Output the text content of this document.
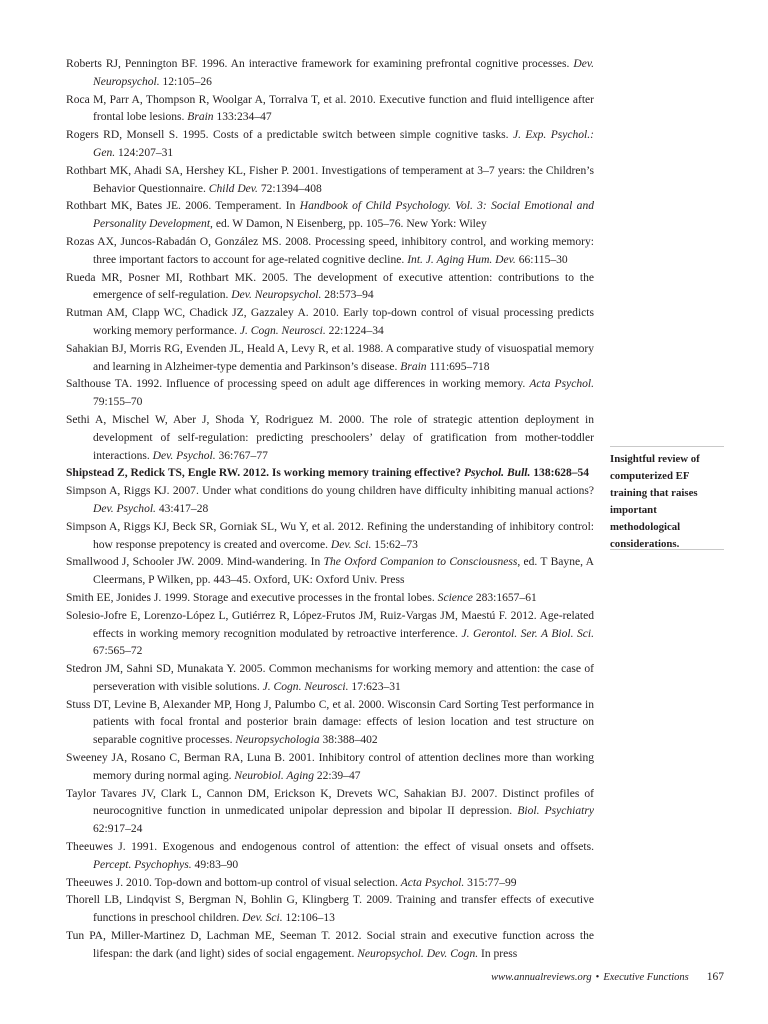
Roberts RJ, Pennington BF. 1996. An interactive framework for examining prefrontal cognitive processes. Dev. Neuropsychol. 12:105–26

Roca M, Parr A, Thompson R, Woolgar A, Torralva T, et al. 2010. Executive function and fluid intelligence after frontal lobe lesions. Brain 133:234–47

Rogers RD, Monsell S. 1995. Costs of a predictable switch between simple cognitive tasks. J. Exp. Psychol.: Gen. 124:207–31

Rothbart MK, Ahadi SA, Hershey KL, Fisher P. 2001. Investigations of temperament at 3–7 years: the Children’s Behavior Questionnaire. Child Dev. 72:1394–408

Rothbart MK, Bates JE. 2006. Temperament. In Handbook of Child Psychology. Vol. 3: Social Emotional and Personality Development, ed. W Damon, N Eisenberg, pp. 105–76. New York: Wiley

Rozas AX, Juncos-Rabadán O, González MS. 2008. Processing speed, inhibitory control, and working memory: three important factors to account for age-related cognitive decline. Int. J. Aging Hum. Dev. 66:115–30

Rueda MR, Posner MI, Rothbart MK. 2005. The development of executive attention: contributions to the emergence of self-regulation. Dev. Neuropsychol. 28:573–94

Rutman AM, Clapp WC, Chadick JZ, Gazzaley A. 2010. Early top-down control of visual processing predicts working memory performance. J. Cogn. Neurosci. 22:1224–34

Sahakian BJ, Morris RG, Evenden JL, Heald A, Levy R, et al. 1988. A comparative study of visuospatial memory and learning in Alzheimer-type dementia and Parkinson’s disease. Brain 111:695–718

Salthouse TA. 1992. Influence of processing speed on adult age differences in working memory. Acta Psychol. 79:155–70

Sethi A, Mischel W, Aber J, Shoda Y, Rodriguez M. 2000. The role of strategic attention deployment in development of self-regulation: predicting preschoolers’ delay of gratification from mother-toddler interactions. Dev. Psychol. 36:767–77

Shipstead Z, Redick TS, Engle RW. 2012. Is working memory training effective? Psychol. Bull. 138:628–54

Simpson A, Riggs KJ. 2007. Under what conditions do young children have difficulty inhibiting manual actions? Dev. Psychol. 43:417–28

Simpson A, Riggs KJ, Beck SR, Gorniak SL, Wu Y, et al. 2012. Refining the understanding of inhibitory control: how response prepotency is created and overcome. Dev. Sci. 15:62–73

Smallwood J, Schooler JW. 2009. Mind-wandering. In The Oxford Companion to Consciousness, ed. T Bayne, A Cleermans, P Wilken, pp. 443–45. Oxford, UK: Oxford Univ. Press

Smith EE, Jonides J. 1999. Storage and executive processes in the frontal lobes. Science 283:1657–61

Solesio-Jofre E, Lorenzo-López L, Gutiérrez R, López-Frutos JM, Ruiz-Vargas JM, Maestú F. 2012. Age-related effects in working memory recognition modulated by retroactive interference. J. Gerontol. Ser. A Biol. Sci. 67:565–72

Stedron JM, Sahni SD, Munakata Y. 2005. Common mechanisms for working memory and attention: the case of perseveration with visible solutions. J. Cogn. Neurosci. 17:623–31

Stuss DT, Levine B, Alexander MP, Hong J, Palumbo C, et al. 2000. Wisconsin Card Sorting Test performance in patients with focal frontal and posterior brain damage: effects of lesion location and test structure on separable cognitive processes. Neuropsychologia 38:388–402

Sweeney JA, Rosano C, Berman RA, Luna B. 2001. Inhibitory control of attention declines more than working memory during normal aging. Neurobiol. Aging 22:39–47

Taylor Tavares JV, Clark L, Cannon DM, Erickson K, Drevets WC, Sahakian BJ. 2007. Distinct profiles of neurocognitive function in unmedicated unipolar depression and bipolar II depression. Biol. Psychiatry 62:917–24

Theeuwes J. 1991. Exogenous and endogenous control of attention: the effect of visual onsets and offsets. Percept. Psychophys. 49:83–90

Theeuwes J. 2010. Top-down and bottom-up control of visual selection. Acta Psychol. 315:77–99

Thorell LB, Lindqvist S, Bergman N, Bohlin G, Klingberg T. 2009. Training and transfer effects of executive functions in preschool children. Dev. Sci. 12:106–13

Tun PA, Miller-Martinez D, Lachman ME, Seeman T. 2012. Social strain and executive function across the lifespan: the dark (and light) sides of social engagement. Neuropsychol. Dev. Cogn. In press

Insightful review of computerized EF training that raises important methodological considerations.
www.annualreviews.org • Executive Functions 167
